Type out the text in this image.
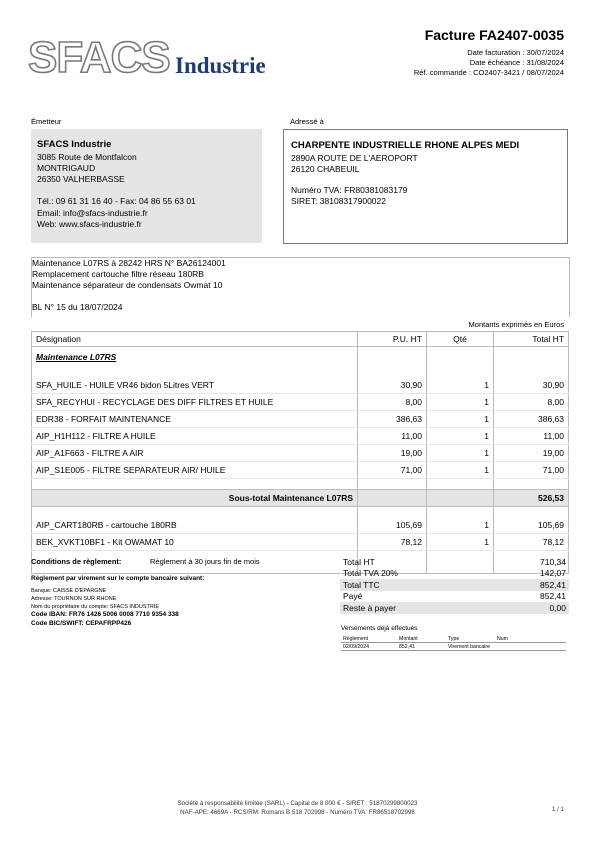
SFACS Industrie
Facture FA2407-0035
Date facturation : 30/07/2024
Date échéance : 31/08/2024
Réf. commande : CO2407-3421 / 08/07/2024
Émetteur	Adressé à
SFACS Industrie
3085 Route de Montfalcon
MONTRIGAUD
26350 VALHERBASSE
Tél.: 09 61 31 16 40 - Fax: 04 86 55 63 01
Email: info@sfacs-industrie.fr
Web: www.sfacs-industrie.fr
CHARPENTE INDUSTRIELLE RHONE ALPES MEDI
2890A ROUTE DE L'AEROPORT
26120 CHABEUIL
Numéro TVA: FR80381083179
SIRET: 38108317900022
Maintenance L07RS à 28242 HRS N° BA26124001
Remplacement cartouche filtre réseau 180RB
Maintenance séparateur de condensats Owmat 10
BL N° 15 du 18/07/2024
Montants exprimés en Euros
Désignation	P.U. HT	Qté	Total HT
Maintenance L07RS			

SFA_HUILE - HUILE VR46 bidon 5Litres VERT	30,90	1	30,90
SFA_RECYHUI - RECYCLAGE DES DIFF FILTRES ET HUILE	8,00	1	8,00
EDR38 - FORFAIT MAINTENANCE	386,63	1	386,63
AIP_H1H112 - FILTRE A HUILE	11,00	1	11,00
AIP_A1F663 - FILTRE A AIR	19,00	1	19,00
AIP_S1E005 - FILTRE SEPARATEUR AIR/ HUILE	71,00	1	71,00

Sous-total Maintenance L07RS			526,53

AIP_CART180RB - cartouche 180RB	105,69	1	105,69
BEK_XVKT10BF1 - Kit OWAMAT 10	78,12	1	78,12

Conditions de règlement:	Règlement à 30 jours fin de mois
Règlement par virement sur le compte bancaire suivant:
Banque: CAISSE D'EPARGNE
Adresse: TOURNON SUR RHONE
Nom du propriétaire du compte: SFACS INDUSTRIE
Code IBAN: FR76 1426 5006 0008 7710 9354 338
Code BIC/SWIFT: CEPAFRPP426
Total HT	710,34
Total TVA 20%	142,07
Total TTC	852,41
Payé	852,41
Reste à payer	0,00
Versements déjà effectués
Règlement	Montant	Type	Num
02/09/2024	852,41	Virement bancaire	
Société à responsabilité limitée (SARL) - Capital de 8 000 € - SIRET : 51870299800023
NAF-APE: 4669A - RCS/RM: Romans B 518 702998 - Numéro TVA: FR86518702998	1 / 1
